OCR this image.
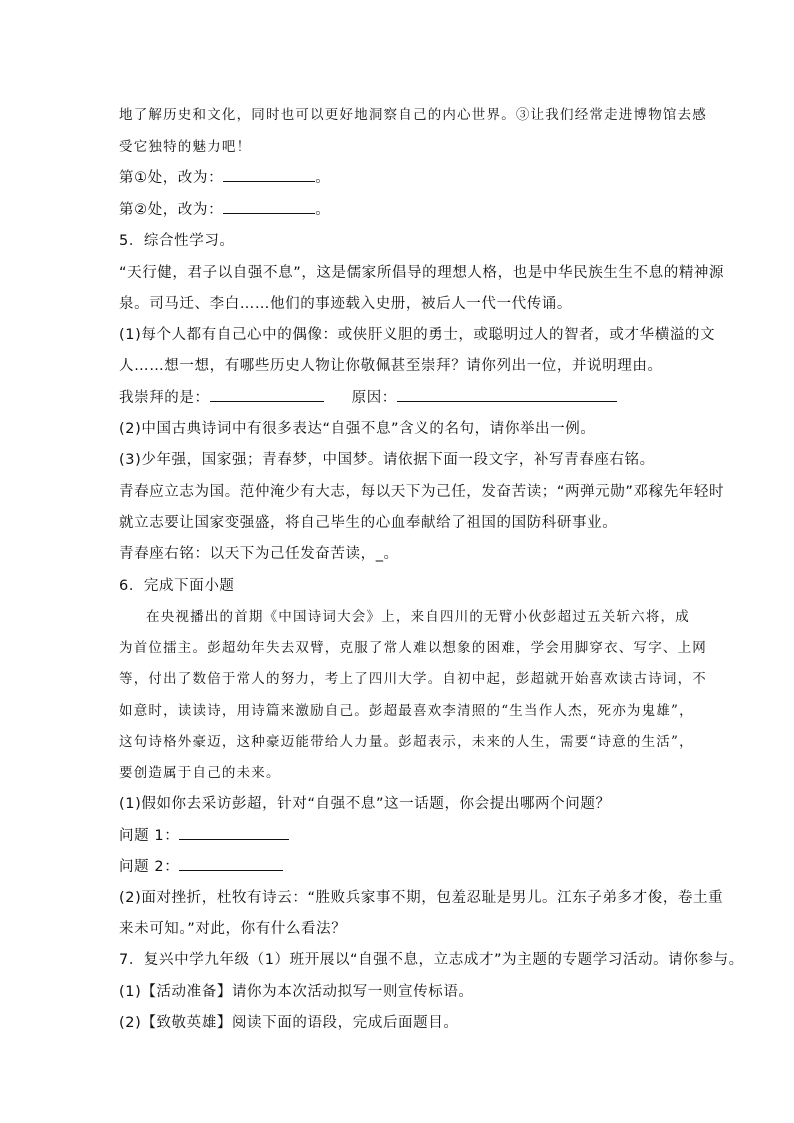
地了解历史和文化，同时也可以更好地洞察自己的内心世界。③让我们经常走进博物馆去感
受它独特的魅力吧！
第①处，改为：	。
第②处，改为：	。
5．综合性学习。
“天行健，君子以自强不息”，这是儒家所倡导的理想人格，也是中华民族生生不息的精神源
泉。司马迁、李白……他们的事迹载入史册，被后人一代一代传诵。
(1)每个人都有自己心中的偶像：或侠肝义胆的勇士，或聪明过人的智者，或才华横溢的文
人……想一想，有哪些历史人物让你敬佩甚至崇拜？请你列出一位，并说明理由。
我崇拜的是：	原因：
(2)中国古典诗词中有很多表达“自强不息”含义的名句，请你举出一例。
(3)少年强，国家强；青春梦，中国梦。请依据下面一段文字，补写青春座右铭。
青春应立志为国。范仲淹少有大志，每以天下为己任，发奋苦读；“两弹元勋”邓稼先年轻时
就立志要让国家变强盛，将自己毕生的心血奉献给了祖国的国防科研事业。
青春座右铭：以天下为己任发奋苦读，_。
6．完成下面小题
在央视播出的首期《中国诗词大会》上，来自四川的无臂小伙彭超过五关斩六将，成
为首位擂主。彭超幼年失去双臂，克服了常人难以想象的困难，学会用脚穿衣、写字、上网
等，付出了数倍于常人的努力，考上了四川大学。自初中起，彭超就开始喜欢读古诗词，不
如意时，读读诗，用诗篇来激励自己。彭超最喜欢李清照的“生当作人杰，死亦为鬼雄”，
这句诗格外豪迈，这种豪迈能带给人力量。彭超表示，未来的人生，需要“诗意的生活”，
要创造属于自己的未来。
(1)假如你去采访彭超，针对“自强不息”这一话题，你会提出哪两个问题？
问题 1：
问题 2：
(2)面对挫折，杜牧有诗云：“胜败兵家事不期，包羞忍耻是男儿。江东子弟多才俊，卷土重
来未可知。”对此，你有什么看法？
7．复兴中学九年级（1）班开展以“自强不息，立志成才”为主题的专题学习活动。请你参与。
(1)【活动准备】请你为本次活动拟写一则宣传标语。
(2)【致敬英雄】阅读下面的语段，完成后面题目。
